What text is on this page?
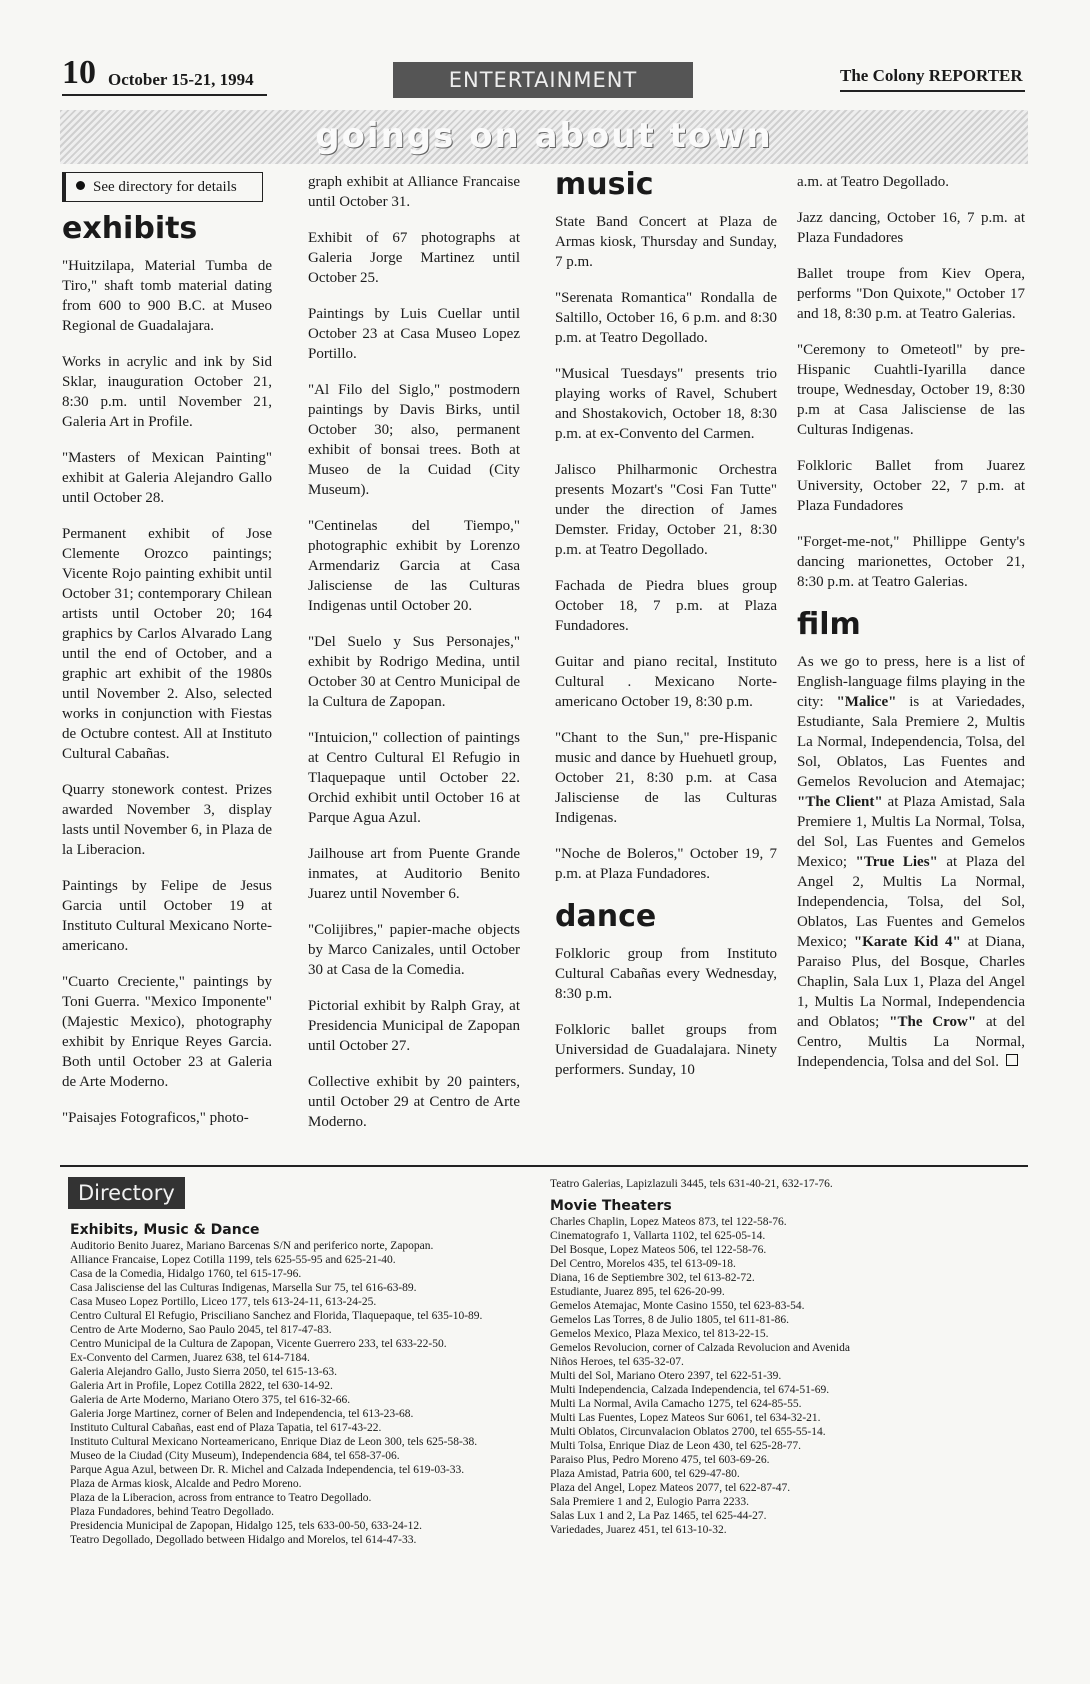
10 October 15-21, 1994	ENTERTAINMENT	The Colony REPORTER
goings on about town
See directory for details
exhibits

"Huitzilapa, Material Tumba de Tiro," shaft tomb material dating from 600 to 900 B.C. at Museo Regional de Guadalajara.

Works in acrylic and ink by Sid Sklar, inauguration October 21, 8:30 p.m. until November 21, Galeria Art in Profile.

"Masters of Mexican Painting" exhibit at Galeria Alejandro Gallo until October 28.

Permanent exhibit of Jose Clemente Orozco paintings; Vicente Rojo painting exhibit until October 31; contemporary Chilean artists until October 20; 164 graphics by Carlos Alvarado Lang until the end of October, and a graphic art exhibit of the 1980s until November 2. Also, selected works in conjunction with Fiestas de Octubre contest. All at Instituto Cultural Cabañas.

Quarry stonework contest. Prizes awarded November 3, display lasts until November 6, in Plaza de la Liberacion.

Paintings by Felipe de Jesus Garcia until October 19 at Instituto Cultural Mexicano Norte-americano.

"Cuarto Creciente," paintings by Toni Guerra. "Mexico Imponente" (Majestic Mexico), photography exhibit by Enrique Reyes Garcia. Both until October 23 at Galeria de Arte Moderno.

"Paisajes Fotograficos," photo-

graph exhibit at Alliance Francaise until October 31.

Exhibit of 67 photographs at Galeria Jorge Martinez until October 25.

Paintings by Luis Cuellar until October 23 at Casa Museo Lopez Portillo.

"Al Filo del Siglo," postmodern paintings by Davis Birks, until October 30; also, permanent exhibit of bonsai trees. Both at Museo de la Cuidad (City Museum).

"Centinelas del Tiempo," photographic exhibit by Lorenzo Armendariz Garcia at Casa Jalisciense de las Culturas Indigenas until October 20.

"Del Suelo y Sus Personajes," exhibit by Rodrigo Medina, until October 30 at Centro Municipal de la Cultura de Zapopan.

"Intuicion," collection of paintings at Centro Cultural El Refugio in Tlaquepaque until October 22. Orchid exhibit until October 16 at Parque Agua Azul.

Jailhouse art from Puente Grande inmates, at Auditorio Benito Juarez until November 6.

"Colijibres," papier-mache objects by Marco Canizales, until October 30 at Casa de la Comedia.

Pictorial exhibit by Ralph Gray, at Presidencia Municipal de Zapopan until October 27.

Collective exhibit by 20 painters, until October 29 at Centro de Arte Moderno.

music

State Band Concert at Plaza de Armas kiosk, Thursday and Sunday, 7 p.m.

"Serenata Romantica" Rondalla de Saltillo, October 16, 6 p.m. and 8:30 p.m. at Teatro Degollado.

"Musical Tuesdays" presents trio playing works of Ravel, Schubert and Shostakovich, October 18, 8:30 p.m. at ex-Convento del Carmen.

Jalisco Philharmonic Orchestra presents Mozart's "Cosi Fan Tutte" under the direction of James Demster. Friday, October 21, 8:30 p.m. at Teatro Degollado.

Fachada de Piedra blues group October 18, 7 p.m. at Plaza Fundadores.

Guitar and piano recital, Instituto Cultural . Mexicano Norte-americano October 19, 8:30 p.m.

"Chant to the Sun," pre-Hispanic music and dance by Huehuetl group, October 21, 8:30 p.m. at Casa Jalisciense de las Culturas Indigenas.

"Noche de Boleros," October 19, 7 p.m. at Plaza Fundadores.

dance

Folkloric group from Instituto Cultural Cabañas every Wednesday, 8:30 p.m.

Folkloric ballet groups from Universidad de Guadalajara. Ninety performers. Sunday, 10

a.m. at Teatro Degollado.

Jazz dancing, October 16, 7 p.m. at Plaza Fundadores

Ballet troupe from Kiev Opera, performs "Don Quixote," October 17 and 18, 8:30 p.m. at Teatro Galerias.

"Ceremony to Ometeotl" by pre-Hispanic Cuahtli-Iyarilla dance troupe, Wednesday, October 19, 8:30 p.m at Casa Jalisciense de las Culturas Indigenas.

Folkloric Ballet from Juarez University, October 22, 7 p.m. at Plaza Fundadores

"Forget-me-not," Phillippe Genty's dancing marionettes, October 21, 8:30 p.m. at Teatro Galerias.

film

As we go to press, here is a list of English-language films playing in the city: "Malice" is at Variedades, Estudiante, Sala Premiere 2, Multis La Normal, Independencia, Tolsa, del Sol, Oblatos, Las Fuentes and Gemelos Revolucion and Atemajac; "The Client" at Plaza Amistad, Sala Premiere 1, Multis La Normal, Tolsa, del Sol, Las Fuentes and Gemelos Mexico; "True Lies" at Plaza del Angel 2, Multis La Normal, Independencia, Tolsa, del Sol, Oblatos, Las Fuentes and Gemelos Mexico; "Karate Kid 4" at Diana, Paraiso Plus, del Bosque, Charles Chaplin, Sala Lux 1, Plaza del Angel 1, Multis La Normal, Independencia and Oblatos; "The Crow" at del Centro, Multis La Normal, Independencia, Tolsa and del Sol.

Directory
Exhibits, Music & Dance
Auditorio Benito Juarez, Mariano Barcenas S/N and periferico norte, Zapopan.
Alliance Francaise, Lopez Cotilla 1199, tels 625-55-95 and 625-21-40.
Casa de la Comedia, Hidalgo 1760, tel 615-17-96.
Casa Jalisciense del las Culturas Indigenas, Marsella Sur 75, tel 616-63-89.
Casa Museo Lopez Portillo, Liceo 177, tels 613-24-11, 613-24-25.
Centro Cultural El Refugio, Prisciliano Sanchez and Florida, Tlaquepaque, tel 635-10-89.
Centro de Arte Moderno, Sao Paulo 2045, tel 817-47-83.
Centro Municipal de la Cultura de Zapopan, Vicente Guerrero 233, tel 633-22-50.
Ex-Convento del Carmen, Juarez 638, tel 614-7184.
Galeria Alejandro Gallo, Justo Sierra 2050, tel 615-13-63.
Galeria Art in Profile, Lopez Cotilla 2822, tel 630-14-92.
Galeria de Arte Moderno, Mariano Otero 375, tel 616-32-66.
Galeria Jorge Martinez, corner of Belen and Independencia, tel 613-23-68.
Instituto Cultural Cabañas, east end of Plaza Tapatia, tel 617-43-22.
Instituto Cultural Mexicano Norteamericano, Enrique Diaz de Leon 300, tels 625-58-38.
Museo de la Ciudad (City Museum), Independencia 684, tel 658-37-06.
Parque Agua Azul, between Dr. R. Michel and Calzada Independencia, tel 619-03-33.
Plaza de Armas kiosk, Alcalde and Pedro Moreno.
Plaza de la Liberacion, across from entrance to Teatro Degollado.
Plaza Fundadores, behind Teatro Degollado.
Presidencia Municipal de Zapopan, Hidalgo 125, tels 633-00-50, 633-24-12.
Teatro Degollado, Degollado between Hidalgo and Morelos, tel 614-47-33.
Teatro Galerias, Lapizlazuli 3445, tels 631-40-21, 632-17-76.
Movie Theaters
Charles Chaplin, Lopez Mateos 873, tel 122-58-76.
Cinematografo 1, Vallarta 1102, tel 625-05-14.
Del Bosque, Lopez Mateos 506, tel 122-58-76.
Del Centro, Morelos 435, tel 613-09-18.
Diana, 16 de Septiembre 302, tel 613-82-72.
Estudiante, Juarez 895, tel 626-20-99.
Gemelos Atemajac, Monte Casino 1550, tel 623-83-54.
Gemelos Las Torres, 8 de Julio 1805, tel 611-81-86.
Gemelos Mexico, Plaza Mexico, tel 813-22-15.
Gemelos Revolucion, corner of Calzada Revolucion and Avenida
Niños Heroes, tel 635-32-07.
Multi del Sol, Mariano Otero 2397, tel 622-51-39.
Multi Independencia, Calzada Independencia, tel 674-51-69.
Multi La Normal, Avila Camacho 1275, tel 624-85-55.
Multi Las Fuentes, Lopez Mateos Sur 6061, tel 634-32-21.
Multi Oblatos, Circunvalacion Oblatos 2700, tel 655-55-14.
Multi Tolsa, Enrique Diaz de Leon 430, tel 625-28-77.
Paraiso Plus, Pedro Moreno 475, tel 603-69-26.
Plaza Amistad, Patria 600, tel 629-47-80.
Plaza del Angel, Lopez Mateos 2077, tel 622-87-47.
Sala Premiere 1 and 2, Eulogio Parra 2233.
Salas Lux 1 and 2, La Paz 1465, tel 625-44-27.
Variedades, Juarez 451, tel 613-10-32.
